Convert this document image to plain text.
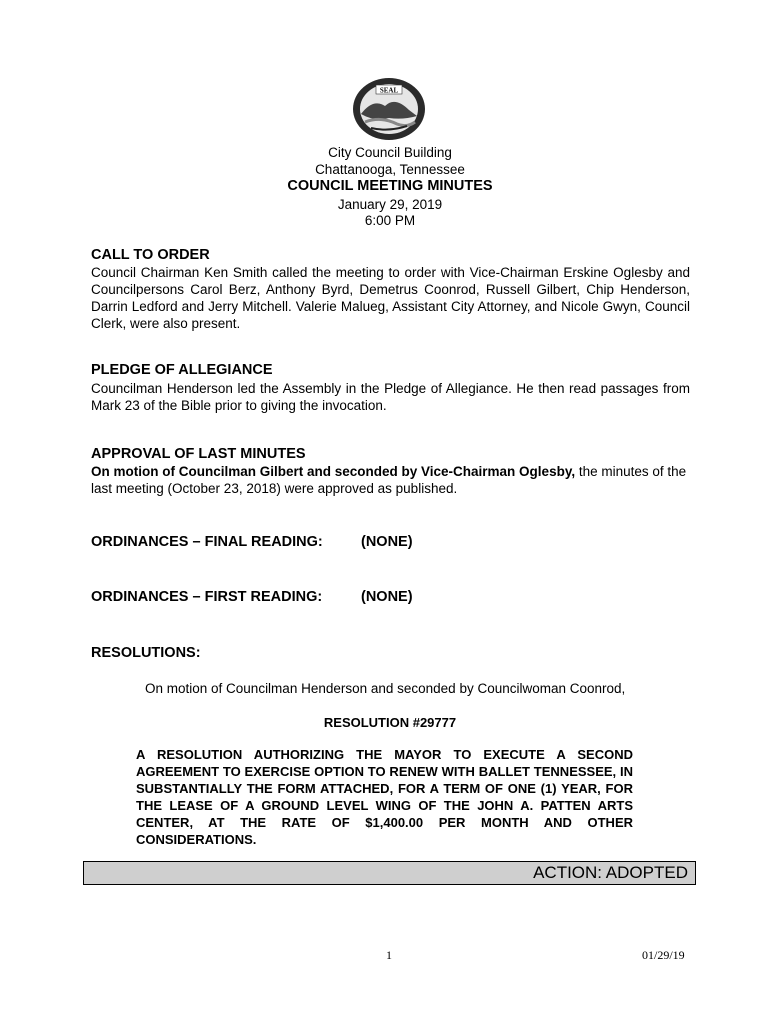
SEAL
City Council Building
Chattanooga, Tennessee
COUNCIL MEETING MINUTES
January 29, 2019
6:00 PM
CALL TO ORDER
Council Chairman Ken Smith called the meeting to order with Vice-Chairman Erskine Oglesby and Councilpersons Carol Berz, Anthony Byrd, Demetrus Coonrod, Russell Gilbert, Chip Henderson, Darrin Ledford and Jerry Mitchell. Valerie Malueg, Assistant City Attorney, and Nicole Gwyn, Council Clerk, were also present.
PLEDGE OF ALLEGIANCE
Councilman Henderson led the Assembly in the Pledge of Allegiance. He then read passages from Mark 23 of the Bible prior to giving the invocation.
APPROVAL OF LAST MINUTES
On motion of Councilman Gilbert and seconded by Vice-Chairman Oglesby, the minutes of the last meeting (October 23, 2018) were approved as published.
ORDINANCES – FINAL READING:	(NONE)
ORDINANCES – FIRST READING:	(NONE)
RESOLUTIONS:
On motion of Councilman Henderson and seconded by Councilwoman Coonrod,
RESOLUTION #29777
A RESOLUTION AUTHORIZING THE MAYOR TO EXECUTE A SECOND AGREEMENT TO EXERCISE OPTION TO RENEW WITH BALLET TENNESSEE, IN SUBSTANTIALLY THE FORM ATTACHED, FOR A TERM OF ONE (1) YEAR, FOR THE LEASE OF A GROUND LEVEL WING OF THE JOHN A. PATTEN ARTS CENTER, AT THE RATE OF $1,400.00 PER MONTH AND OTHER CONSIDERATIONS.
ACTION: ADOPTED
1	01/29/19
